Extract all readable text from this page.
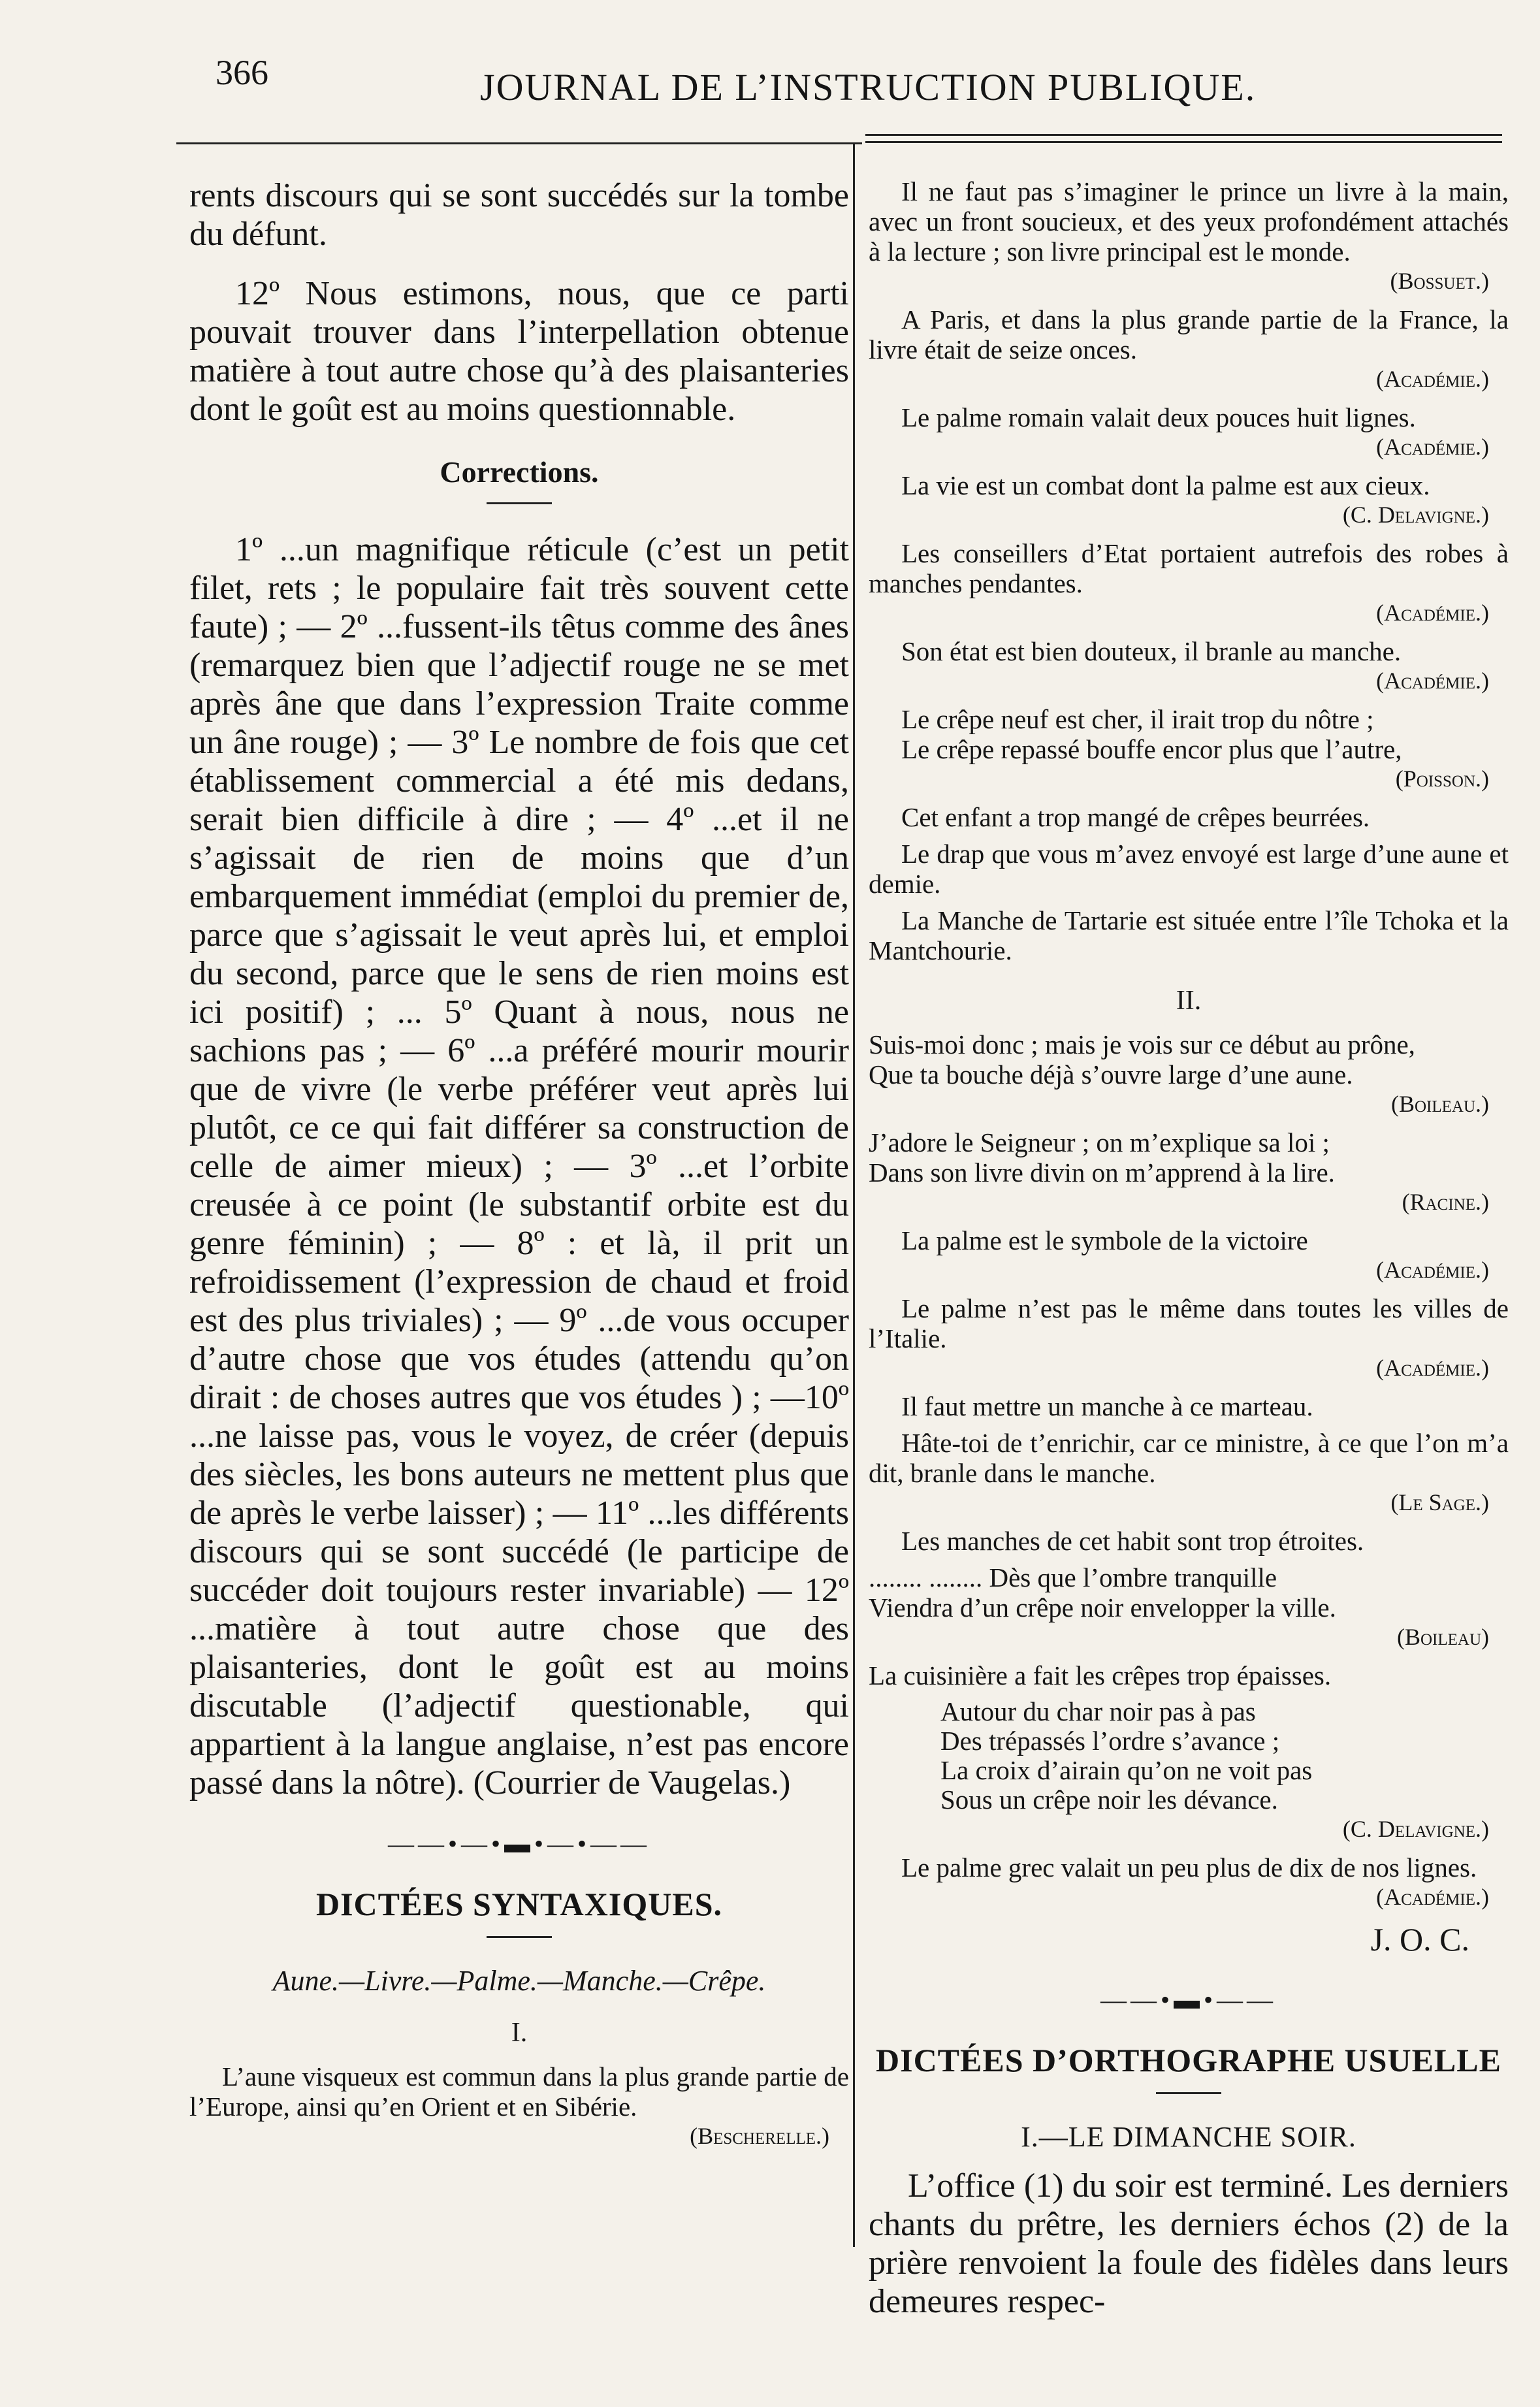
366	JOURNAL DE L’INSTRUCTION PUBLIQUE.

rents discours qui se sont succédés sur la tombe du défunt.

12º Nous estimons, nous, que ce parti pouvait trouver dans l’interpellation obtenue matière à tout autre chose qu’à des plaisanteries dont le goût est au moins questionnable.

Corrections.

1º ...un magnifique réticule (c’est un petit filet, rets ; le populaire fait très souvent cette faute) ; — 2º ...fussent-ils têtus comme des ânes (remarquez bien que l’adjectif rouge ne se met après âne que dans l’expression Traite comme un âne rouge) ; — 3º Le nombre de fois que cet établissement commercial a été mis dedans, serait bien difficile à dire ; — 4º ...et il ne s’agissait de rien de moins que d’un embarquement immédiat (emploi du premier de, parce que s’agissait le veut après lui, et emploi du second, parce que le sens de rien moins est ici positif) ; ... 5º Quant à nous, nous ne sachions pas ; — 6º ...a préféré mourir mourir que de vivre (le verbe préférer veut après lui plutôt, ce ce qui fait différer sa construction de celle de aimer mieux) ; — 3º ...et l’orbite creusée à ce point (le substantif orbite est du genre féminin) ; — 8º : et là, il prit un refroidissement (l’expression de chaud et froid est des plus triviales) ; — 9º ...de vous occuper d’autre chose que vos études (attendu qu’on dirait : de choses autres que vos études ) ; —10º ...ne laisse pas, vous le voyez, de créer (depuis des siècles, les bons auteurs ne mettent plus que de après le verbe laisser) ; — 11º ...les différents discours qui se sont succédé (le participe de succéder doit toujours rester invariable) — 12º ...matière à tout autre chose que des plaisanteries, dont le goût est au moins discutable (l’adjectif questionable, qui appartient à la langue anglaise, n’est pas encore passé dans la nôtre). (Courrier de Vaugelas.)

——•—•▬•—•——
DICTÉES SYNTAXIQUES.
Aune.—Livre.—Palme.—Manche.—Crêpe.
I.

L’aune visqueux est commun dans la plus grande partie de l’Europe, ainsi qu’en Orient et en Sibérie.

(Bescherelle.)

Il ne faut pas s’imaginer le prince un livre à la main, avec un front soucieux, et des yeux profondément attachés à la lecture ; son livre principal est le monde.

(Bossuet.)

A Paris, et dans la plus grande partie de la France, la livre était de seize onces.

(Académie.)

Le palme romain valait deux pouces huit lignes.

(Académie.)

La vie est un combat dont la palme est aux cieux.

(C. Delavigne.)

Les conseillers d’Etat portaient autrefois des robes à manches pendantes.

(Académie.)

Son état est bien douteux, il branle au manche.

(Académie.)

Le crêpe neuf est cher, il irait trop du nôtre ;

Le crêpe repassé bouffe encor plus que l’autre,

(Poisson.)

Cet enfant a trop mangé de crêpes beurrées.

Le drap que vous m’avez envoyé est large d’une aune et demie.

La Manche de Tartarie est située entre l’île Tchoka et la Mantchourie.

II.

Suis-moi donc ; mais je vois sur ce début au prône,

Que ta bouche déjà s’ouvre large d’une aune.

(Boileau.)

J’adore le Seigneur ; on m’explique sa loi ;

Dans son livre divin on m’apprend à la lire.

(Racine.)

La palme est le symbole de la victoire

(Académie.)

Le palme n’est pas le même dans toutes les villes de l’Italie.

(Académie.)

Il faut mettre un manche à ce marteau.

Hâte-toi de t’enrichir, car ce ministre, à ce que l’on m’a dit, branle dans le manche.

(Le Sage.)

Les manches de cet habit sont trop étroites.

........ ........ Dès que l’ombre tranquille

Viendra d’un crêpe noir envelopper la ville.

(Boileau)

La cuisinière a fait les crêpes trop épaisses.

Autour du char noir pas à pas
Des trépassés l’ordre s’avance ;
La croix d’airain qu’on ne voit pas
Sous un crêpe noir les dévance.
(C. Delavigne.)

Le palme grec valait un peu plus de dix de nos lignes.

(Académie.)
J. O. C.
——•▬•——
DICTÉES D’ORTHOGRAPHE USUELLE
I.—LE DIMANCHE SOIR.

L’office (1) du soir est terminé. Les derniers chants du prêtre, les derniers échos (2) de la prière renvoient la foule des fidèles dans leurs demeures respec-
